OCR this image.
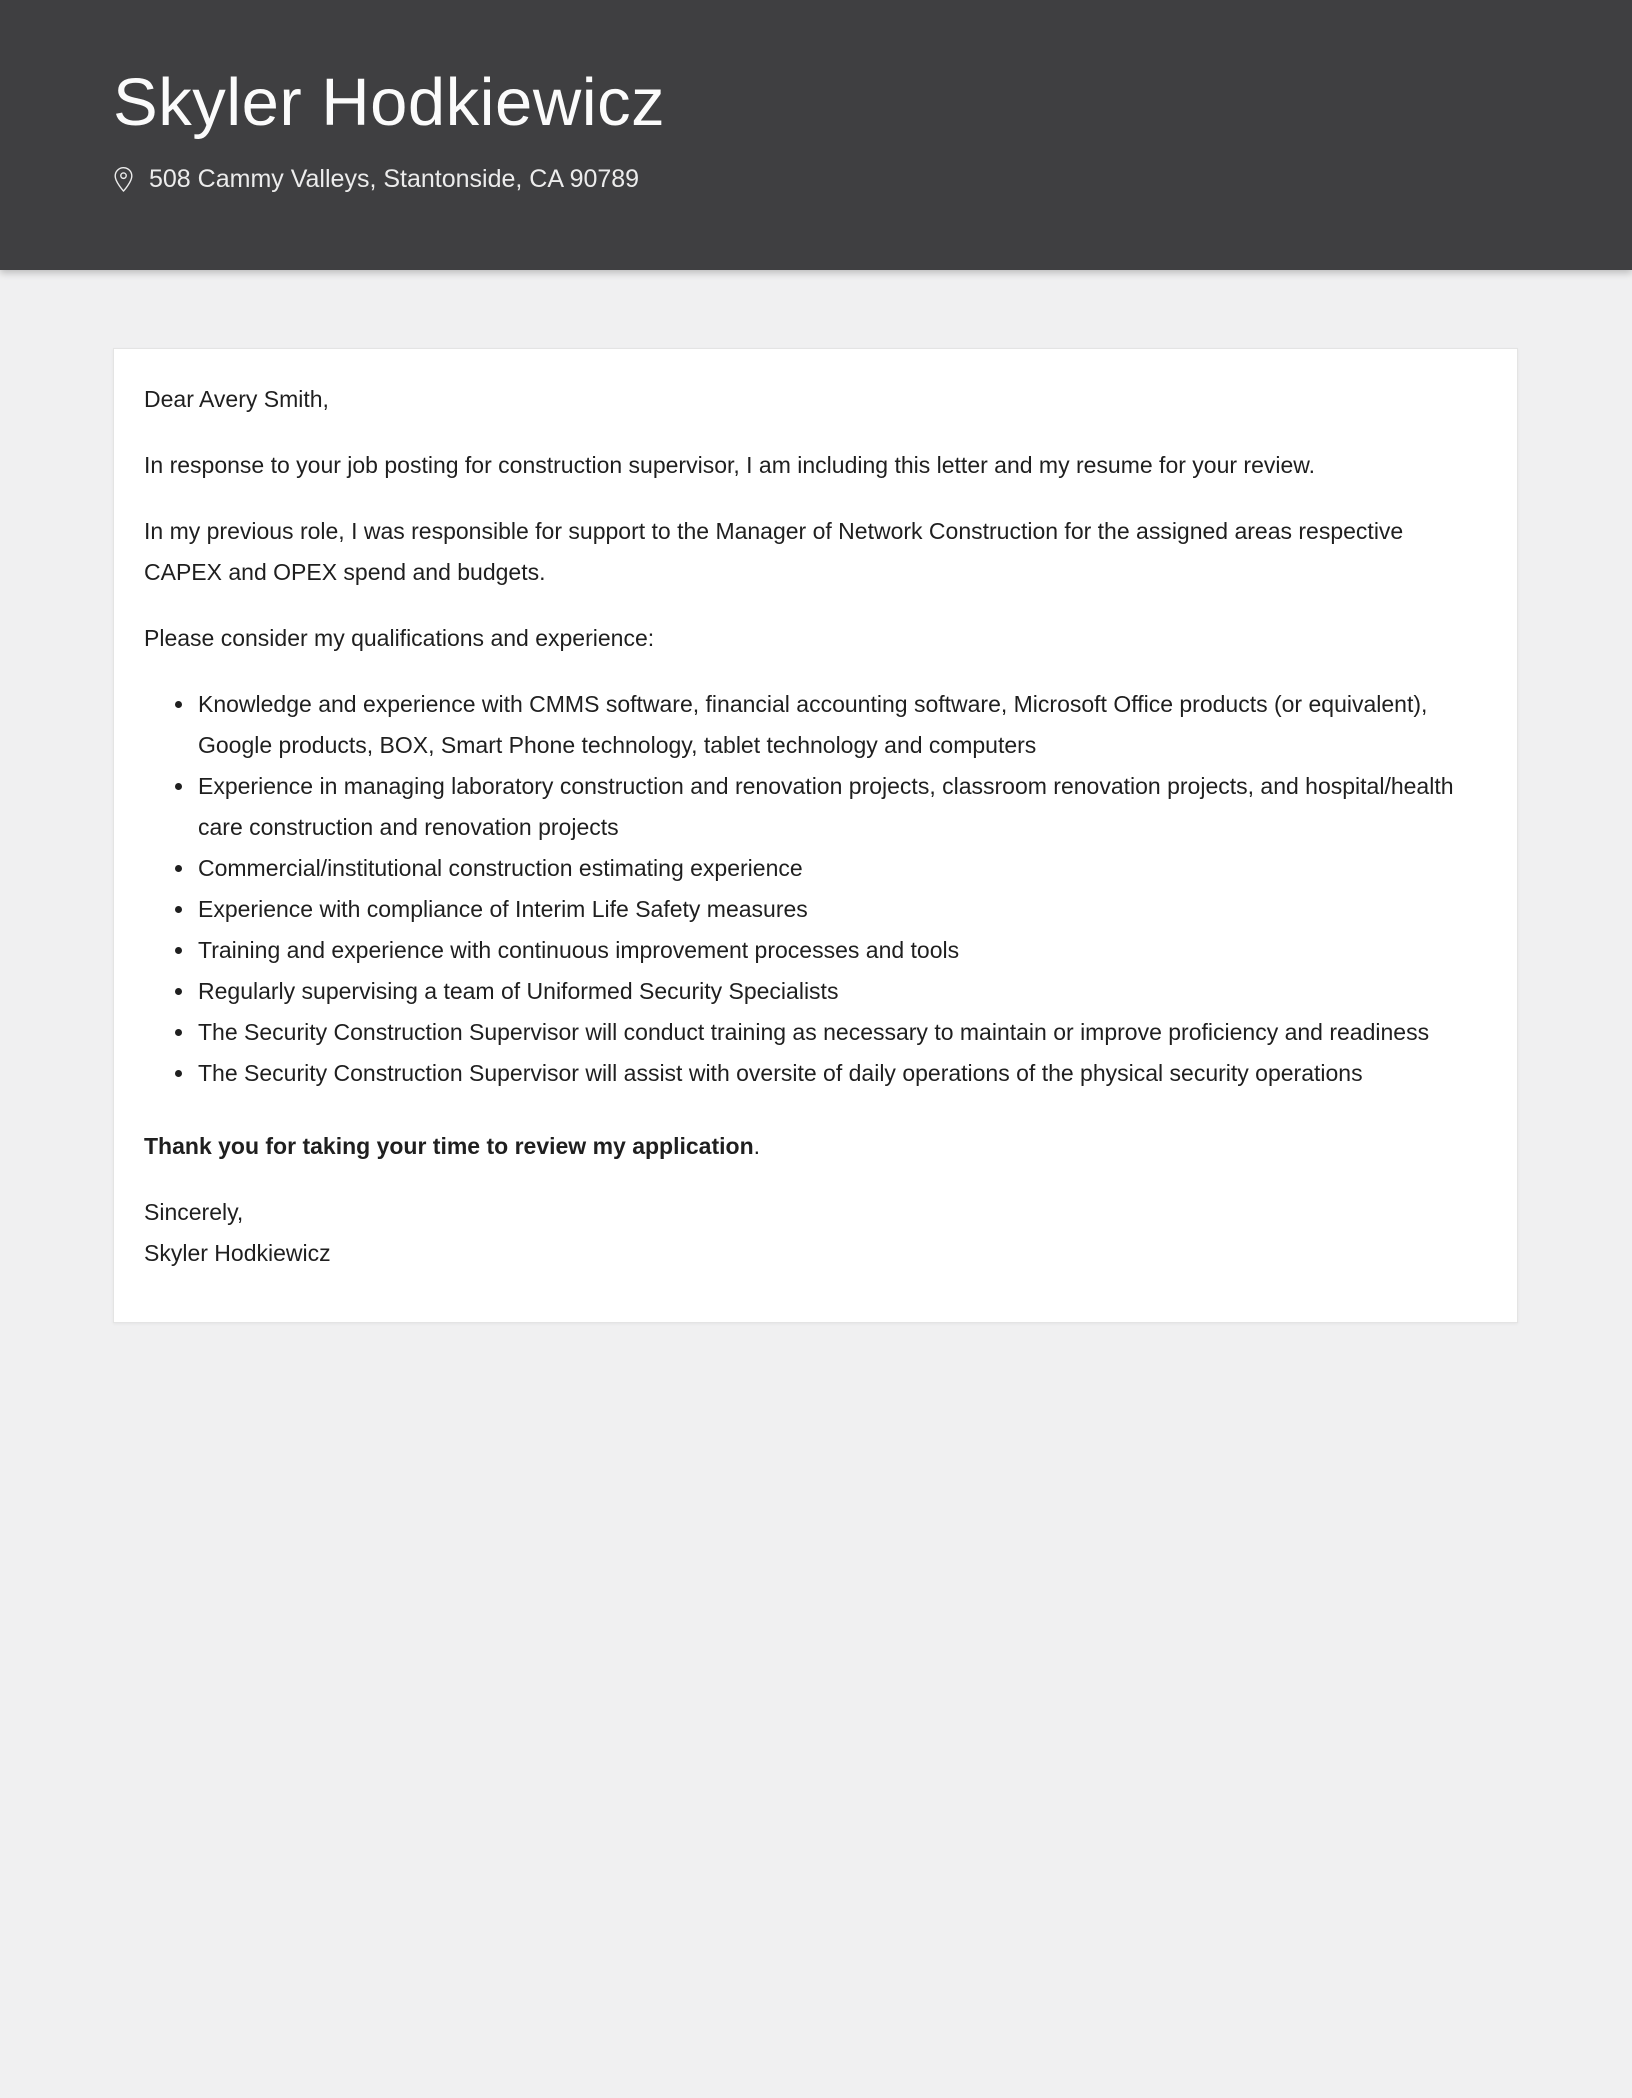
Skyler Hodkiewicz
508 Cammy Valleys, Stantonside, CA 90789

Dear Avery Smith,

In response to your job posting for construction supervisor, I am including this letter and my resume for your review.

In my previous role, I was responsible for support to the Manager of Network Construction for the assigned areas respective CAPEX and OPEX spend and budgets.

Please consider my qualifications and experience:

• Knowledge and experience with CMMS software, financial accounting software, Microsoft Office products (or equivalent), Google products, BOX, Smart Phone technology, tablet technology and computers
• Experience in managing laboratory construction and renovation projects, classroom renovation projects, and hospital/health care construction and renovation projects
• Commercial/institutional construction estimating experience
• Experience with compliance of Interim Life Safety measures
• Training and experience with continuous improvement processes and tools
• Regularly supervising a team of Uniformed Security Specialists
• The Security Construction Supervisor will conduct training as necessary to maintain or improve proficiency and readiness
• The Security Construction Supervisor will assist with oversite of daily operations of the physical security operations

Thank you for taking your time to review my application.

Sincerely,
Skyler Hodkiewicz
